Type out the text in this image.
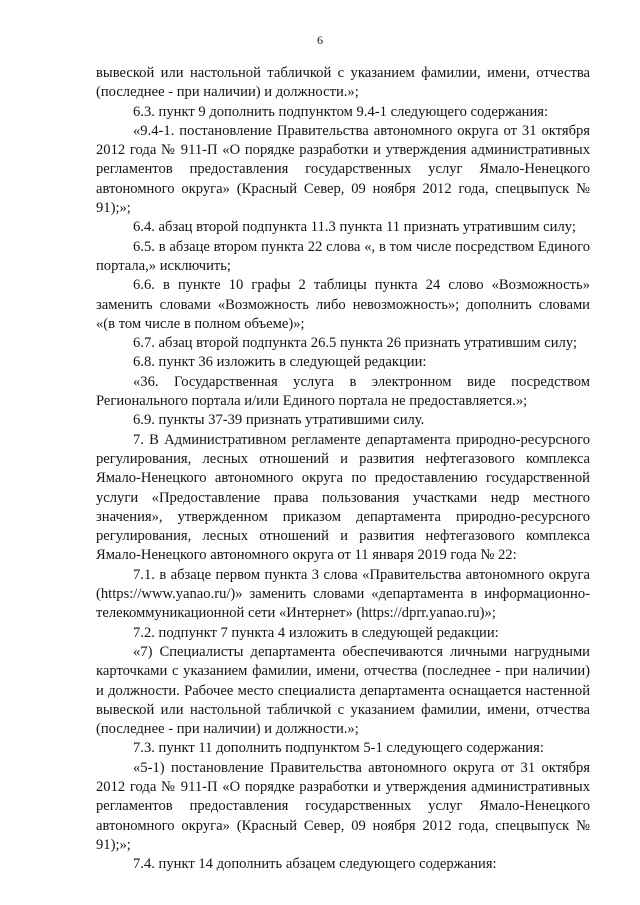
6

вывеской или настольной табличкой с указанием фамилии, имени, отчества (последнее - при наличии) и должности.»;

6.3. пункт 9 дополнить подпунктом 9.4-1 следующего содержания:

«9.4-1. постановление Правительства автономного округа от 31 октября 2012 года № 911-П «О порядке разработки и утверждения административных регламентов предоставления государственных услуг Ямало-Ненецкого автономного округа» (Красный Север, 09 ноября 2012 года, спецвыпуск № 91);»;

6.4. абзац второй подпункта 11.3 пункта 11 признать утратившим силу;

6.5. в абзаце втором пункта 22 слова «, в том числе посредством Единого портала,» исключить;

6.6. в пункте 10 графы 2 таблицы пункта 24 слово «Возможность» заменить словами «Возможность либо невозможность»; дополнить словами «(в том числе в полном объеме)»;

6.7. абзац второй подпункта 26.5 пункта 26 признать утратившим силу;

6.8. пункт 36 изложить в следующей редакции:

«36. Государственная услуга в электронном виде посредством Регионального портала и/или Единого портала не предоставляется.»;

6.9. пункты 37-39 признать утратившими силу.

7. В Административном регламенте департамента природно-ресурсного регулирования, лесных отношений и развития нефтегазового комплекса Ямало-Ненецкого автономного округа по предоставлению государственной услуги «Предоставление права пользования участками недр местного значения», утвержденном приказом департамента природно-ресурсного регулирования, лесных отношений и развития нефтегазового комплекса Ямало-Ненецкого автономного округа от 11 января 2019 года № 22:

7.1. в абзаце первом пункта 3 слова «Правительства автономного округа (https://www.yanao.ru/)» заменить словами «департамента в информационно-телекоммуникационной сети «Интернет» (https://dprr.yanao.ru)»;

7.2. подпункт 7 пункта 4 изложить в следующей редакции:

«7) Специалисты департамента обеспечиваются личными нагрудными карточками с указанием фамилии, имени, отчества (последнее - при наличии) и должности. Рабочее место специалиста департамента оснащается настенной вывеской или настольной табличкой с указанием фамилии, имени, отчества (последнее - при наличии) и должности.»;

7.3. пункт 11 дополнить подпунктом 5-1 следующего содержания:

«5-1) постановление Правительства автономного округа от 31 октября 2012 года № 911-П «О порядке разработки и утверждения административных регламентов предоставления государственных услуг Ямало-Ненецкого автономного округа» (Красный Север, 09 ноября 2012 года, спецвыпуск № 91);»;

7.4. пункт 14 дополнить абзацем следующего содержания:
